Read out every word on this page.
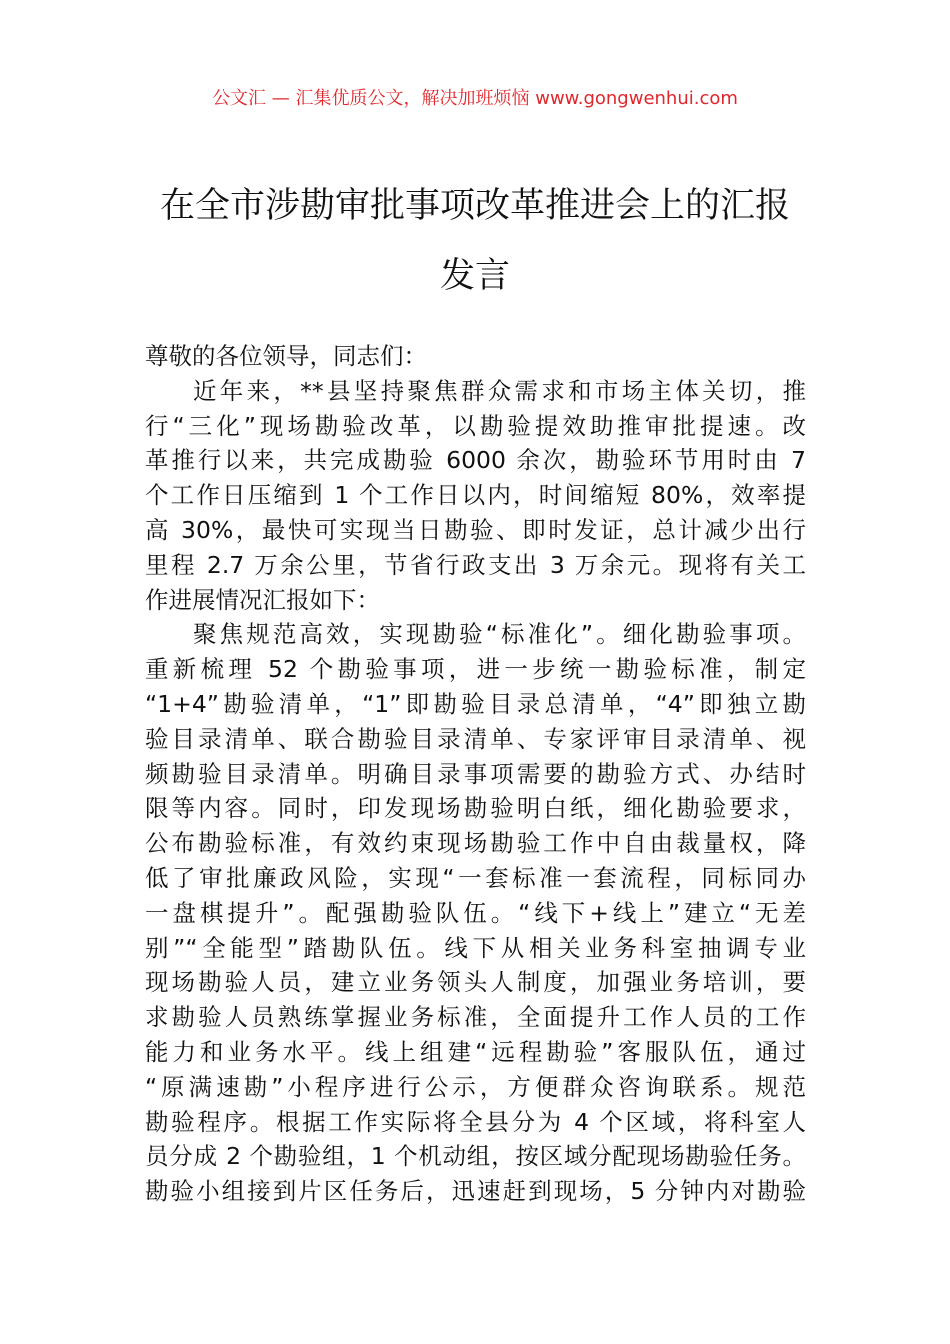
公文汇 — 汇集优质公文，解决加班烦恼 www.gongwenhui.com
在全市涉勘审批事项改革推进会上的汇报
发言
尊敬的各位领导，同志们：
近年来，**县坚持聚焦群众需求和市场主体关切，推
行“三化”现场勘验改革，以勘验提效助推审批提速。改
革推行以来，共完成勘验 6000 余次，勘验环节用时由 7
个工作日压缩到 1 个工作日以内，时间缩短 80%，效率提
高 30%，最快可实现当日勘验、即时发证，总计减少出行
里程 2.7 万余公里，节省行政支出 3 万余元。现将有关工
作进展情况汇报如下：
聚焦规范高效，实现勘验“标准化”。细化勘验事项。
重新梳理 52 个勘验事项，进一步统一勘验标准，制定
“1+4”勘验清单，“1”即勘验目录总清单，“4”即独立勘
验目录清单、联合勘验目录清单、专家评审目录清单、视
频勘验目录清单。明确目录事项需要的勘验方式、办结时
限等内容。同时，印发现场勘验明白纸，细化勘验要求，
公布勘验标准，有效约束现场勘验工作中自由裁量权，降
低了审批廉政风险，实现“一套标准一套流程，同标同办
一盘棋提升”。配强勘验队伍。“线下+线上”建立“无差
别”“全能型”踏勘队伍。线下从相关业务科室抽调专业
现场勘验人员，建立业务领头人制度，加强业务培训，要
求勘验人员熟练掌握业务标准，全面提升工作人员的工作
能力和业务水平。线上组建“远程勘验”客服队伍，通过
“原满速勘”小程序进行公示，方便群众咨询联系。规范
勘验程序。根据工作实际将全县分为 4 个区域，将科室人
员分成 2 个勘验组，1 个机动组，按区域分配现场勘验任务。
勘验小组接到片区任务后，迅速赶到现场，5 分钟内对勘验
